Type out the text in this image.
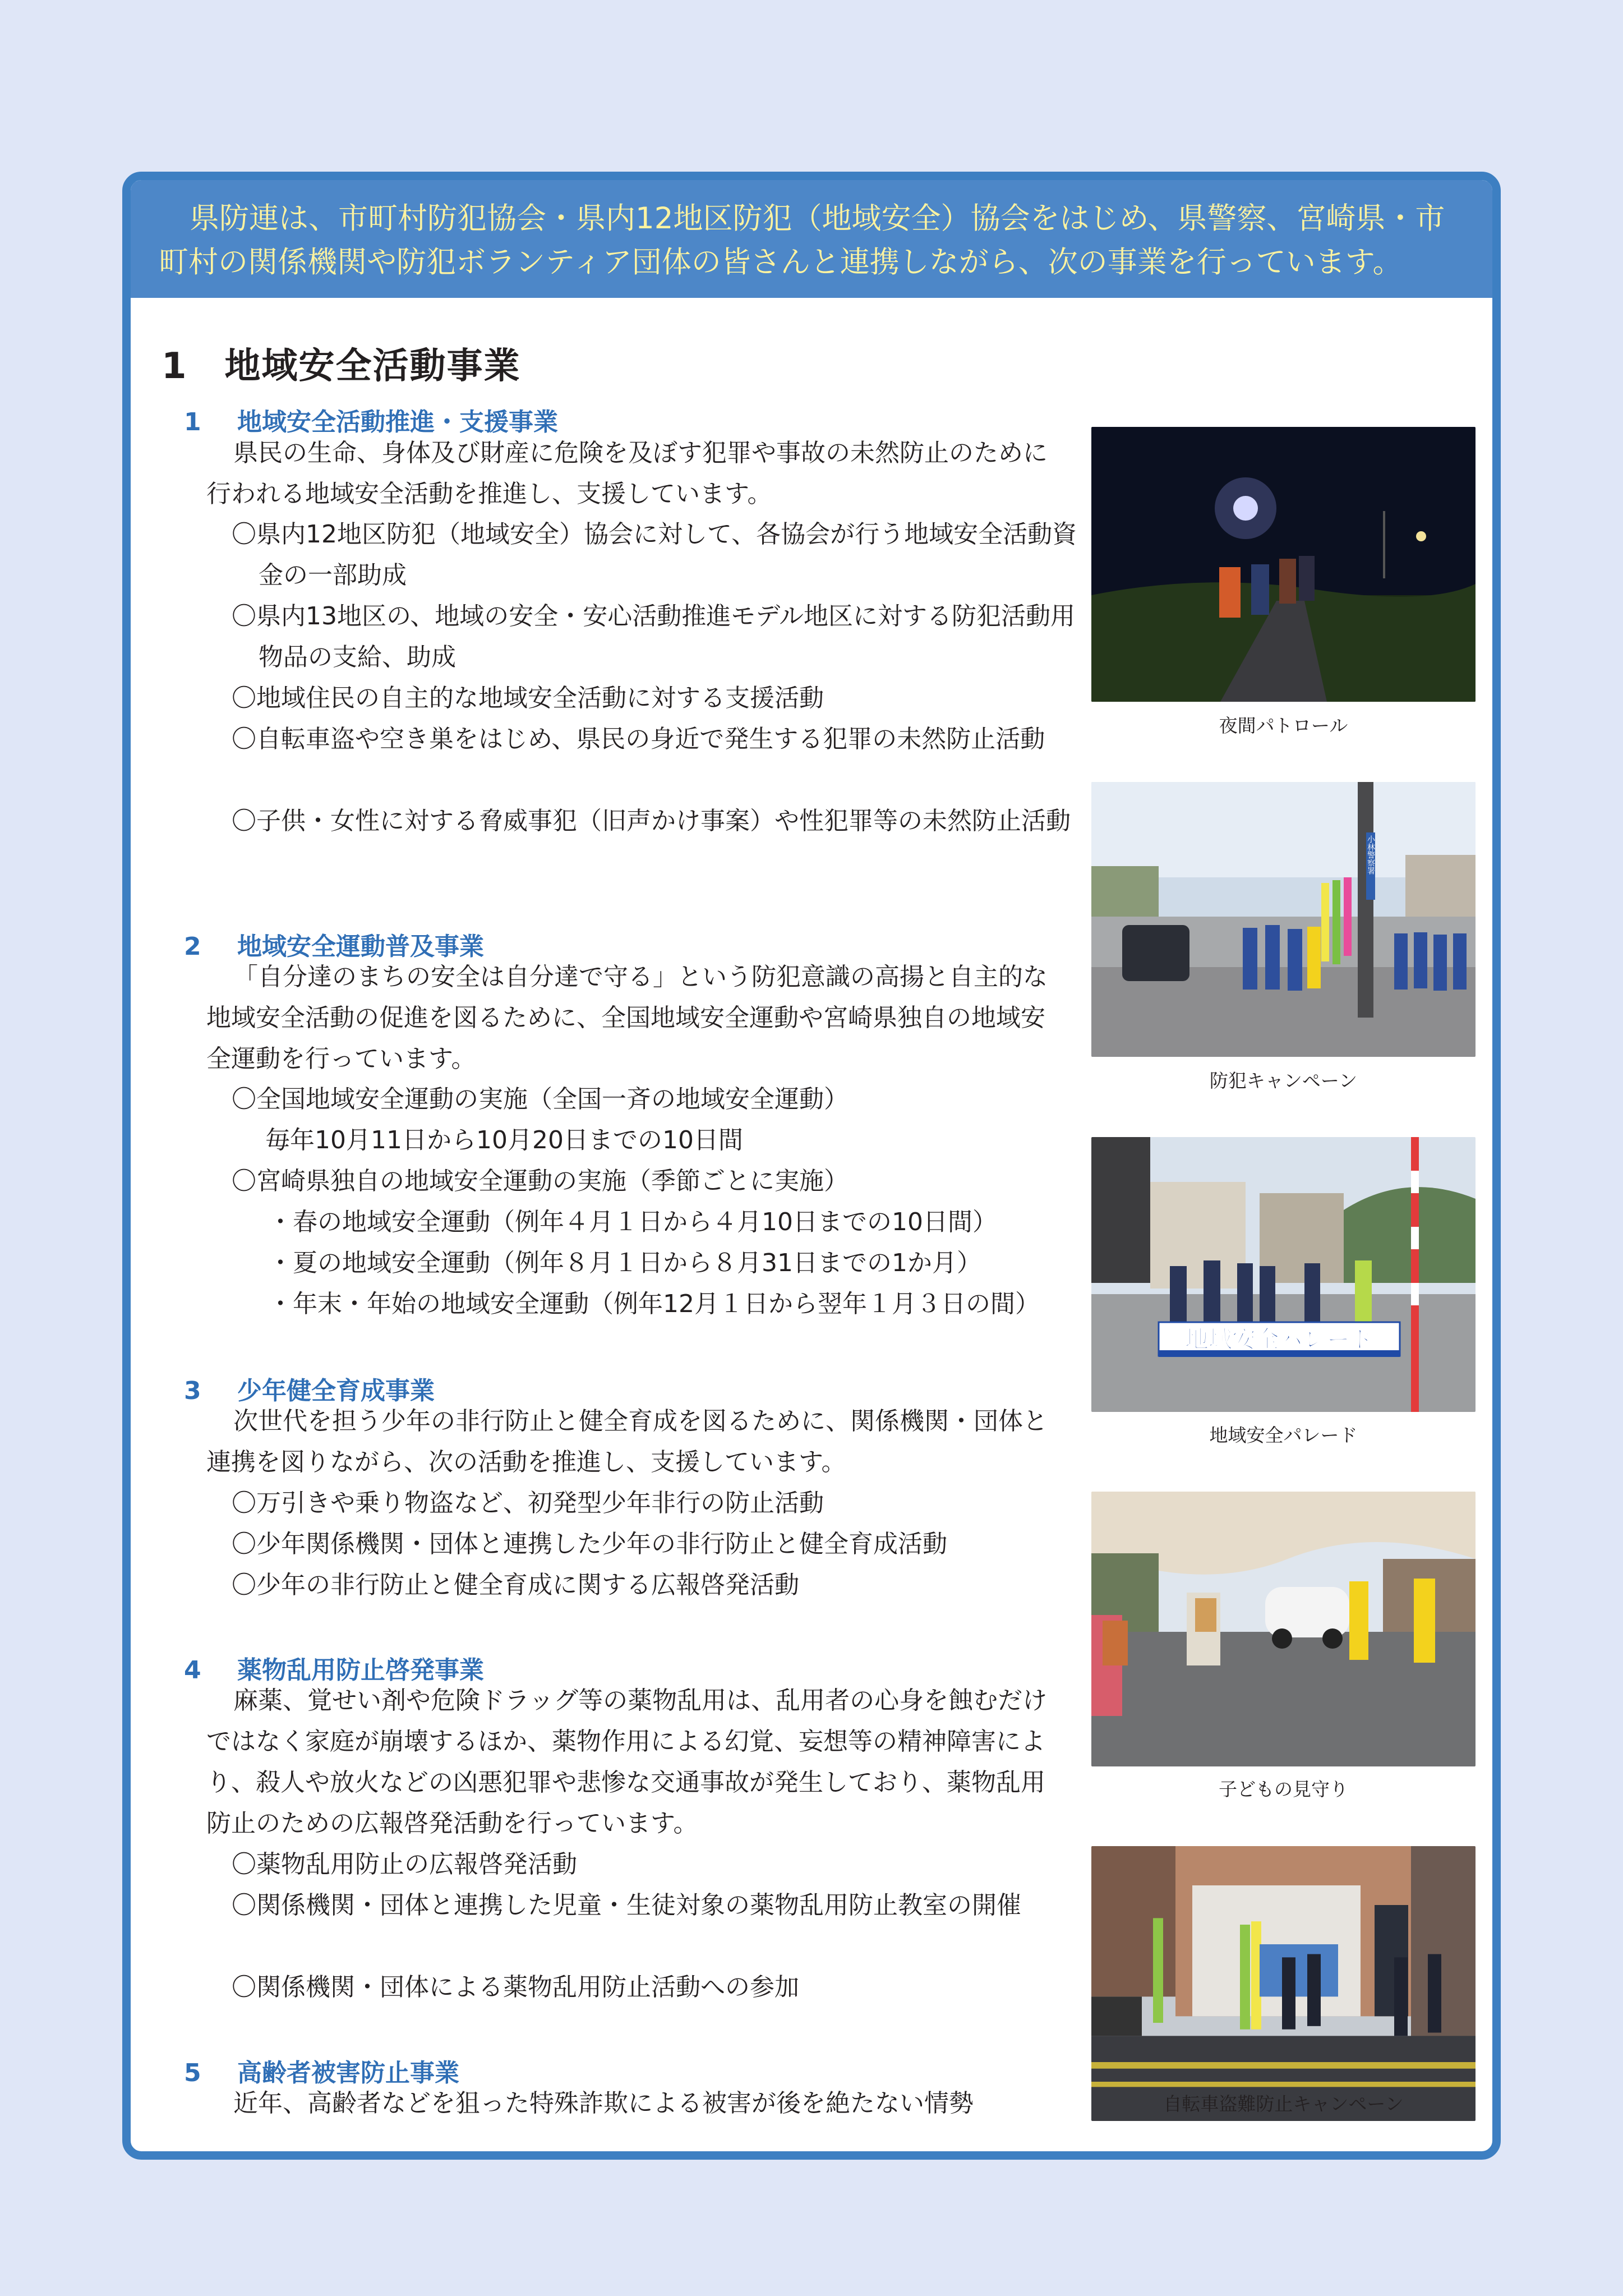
県防連は、市町村防犯協会・県内12地区防犯（地域安全）協会をはじめ、県警察、宮崎県・市

町村の関係機関や防犯ボランティア団体の皆さんと連携しながら、次の事業を行っています。

1　地域安全活動事業
1 地域安全活動推進・支援事業

県民の生命、身体及び財産に危険を及ぼす犯罪や事故の未然防止のために行われる地域安全活動を推進し、支援しています。

〇県内12地区防犯（地域安全）協会に対して、各協会が行う地域安全活動資金の一部助成

〇県内13地区の、地域の安全・安心活動推進モデル地区に対する防犯活動用物品の支給、助成

〇地域住民の自主的な地域安全活動に対する支援活動

〇自転車盗や空き巣をはじめ、県民の身近で発生する犯罪の未然防止活動

〇子供・女性に対する脅威事犯（旧声かけ事案）や性犯罪等の未然防止活動

2 地域安全運動普及事業

「自分達のまちの安全は自分達で守る」という防犯意識の高揚と自主的な地域安全活動の促進を図るために、全国地域安全運動や宮崎県独自の地域安全運動を行っています。

〇全国地域安全運動の実施（全国一斉の地域安全運動）

毎年10月11日から10月20日までの10日間

〇宮崎県独自の地域安全運動の実施（季節ごとに実施）

・春の地域安全運動（例年４月１日から４月10日までの10日間）

・夏の地域安全運動（例年８月１日から８月31日までの1か月）

・年末・年始の地域安全運動（例年12月１日から翌年１月３日の間）

3 少年健全育成事業

次世代を担う少年の非行防止と健全育成を図るために、関係機関・団体と連携を図りながら、次の活動を推進し、支援しています。

〇万引きや乗り物盗など、初発型少年非行の防止活動

〇少年関係機関・団体と連携した少年の非行防止と健全育成活動

〇少年の非行防止と健全育成に関する広報啓発活動

4 薬物乱用防止啓発事業

麻薬、覚せい剤や危険ドラッグ等の薬物乱用は、乱用者の心身を蝕むだけではなく家庭が崩壊するほか、薬物作用による幻覚、妄想等の精神障害により、殺人や放火などの凶悪犯罪や悲惨な交通事故が発生しており、薬物乱用防止のための広報啓発活動を行っています。

〇薬物乱用防止の広報啓発活動

〇関係機関・団体と連携した児童・生徒対象の薬物乱用防止教室の開催

〇関係機関・団体による薬物乱用防止活動への参加

5 高齢者被害防止事業

近年、高齢者などを狙った特殊詐欺による被害が後を絶たない情勢

夜間パトロール

小林警察署

防犯キャンペーン

地域安全パレード

地域安全パレード

子どもの見守り

自転車盗難防止キャンペーン
